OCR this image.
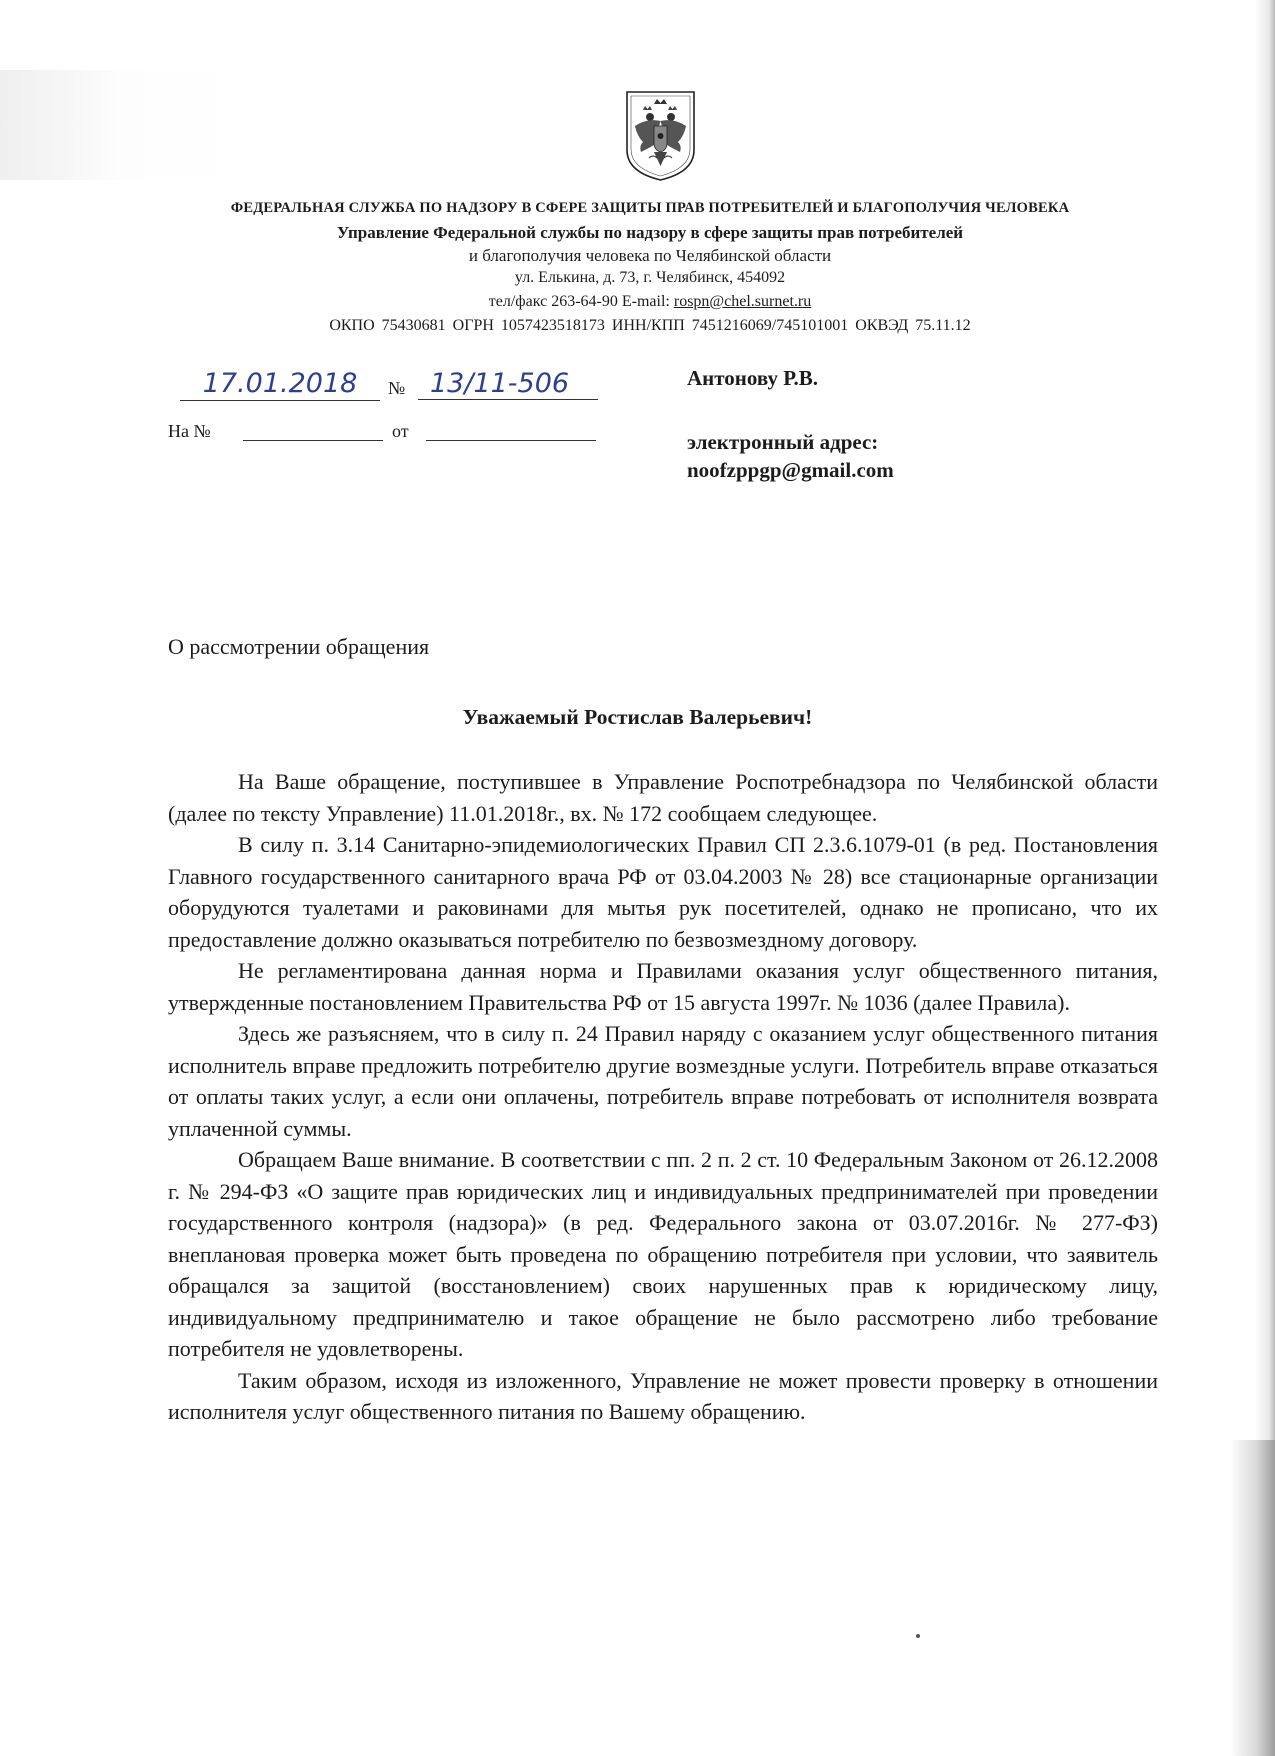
ФЕДЕРАЛЬНАЯ СЛУЖБА ПО НАДЗОРУ В СФЕРЕ ЗАЩИТЫ ПРАВ ПОТРЕБИТЕЛЕЙ И БЛАГОПОЛУЧИЯ ЧЕЛОВЕКА
Управление Федеральной службы по надзору в сфере защиты прав потребителей
и благополучия человека по Челябинской области
ул. Елькина, д. 73, г. Челябинск, 454092
тел/факс 263-64-90 E-mail: rospn@chel.surnet.ru
ОКПО 75430681 ОГРН 1057423518173 ИНН/КПП 7451216069/745101001 ОКВЭД 75.11.12
17.01.2018	№ 13/11-506
На №	от
Антонову Р.В.
электронный адрес:
noofzppgp@gmail.com
О рассмотрении обращения
Уважаемый Ростислав Валерьевич!

На Ваше обращение, поступившее в Управление Роспотребнадзора по Челябинской области (далее по тексту Управление) 11.01.2018г., вх. № 172 сообщаем следующее.

В силу п. 3.14 Санитарно-эпидемиологических Правил СП 2.3.6.1079-01 (в ред. Постановления Главного государственного санитарного врача РФ от 03.04.2003 № 28) все стационарные организации оборудуются туалетами и раковинами для мытья рук посетителей, однако не прописано, что их предоставление должно оказываться потребителю по безвозмездному договору.

Не регламентирована данная норма и Правилами оказания услуг общественного питания, утвержденные постановлением Правительства РФ от 15 августа 1997г. № 1036 (далее Правила).

Здесь же разъясняем, что в силу п. 24 Правил наряду с оказанием услуг общественного питания исполнитель вправе предложить потребителю другие возмездные услуги. Потребитель вправе отказаться от оплаты таких услуг, а если они оплачены, потребитель вправе потребовать от исполнителя возврата уплаченной суммы.

Обращаем Ваше внимание. В соответствии с пп. 2 п. 2 ст. 10 Федеральным Законом от 26.12.2008 г. № 294-ФЗ «О защите прав юридических лиц и индивидуальных предпринимателей при проведении государственного контроля (надзора)» (в ред. Федерального закона от 03.07.2016г. № 277-ФЗ) внеплановая проверка может быть проведена по обращению потребителя при условии, что заявитель обращался за защитой (восстановлением) своих нарушенных прав к юридическому лицу, индивидуальному предпринимателю и такое обращение не было рассмотрено либо требование потребителя не удовлетворены.

Таким образом, исходя из изложенного, Управление не может провести проверку в отношении исполнителя услуг общественного питания по Вашему обращению.
